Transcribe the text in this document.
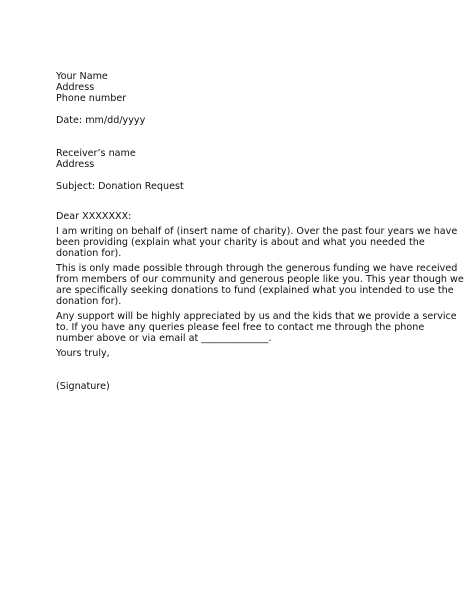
Your Name
Address
Phone number
Date: mm/dd/yyyy
Receiver’s name
Address
Subject: Donation Request
Dear XXXXXXX:
I am writing on behalf of (insert name of charity). Over the past four years we have
been providing (explain what your charity is about and what you needed the
donation for).
This is only made possible through through the generous funding we have received
from members of our community and generous people like you. This year though we
are specifically seeking donations to fund (explained what you intended to use the
donation for).
Any support will be highly appreciated by us and the kids that we provide a service
to. If you have any queries please feel free to contact me through the phone
number above or via email at ______________.
Yours truly,
(Signature)
